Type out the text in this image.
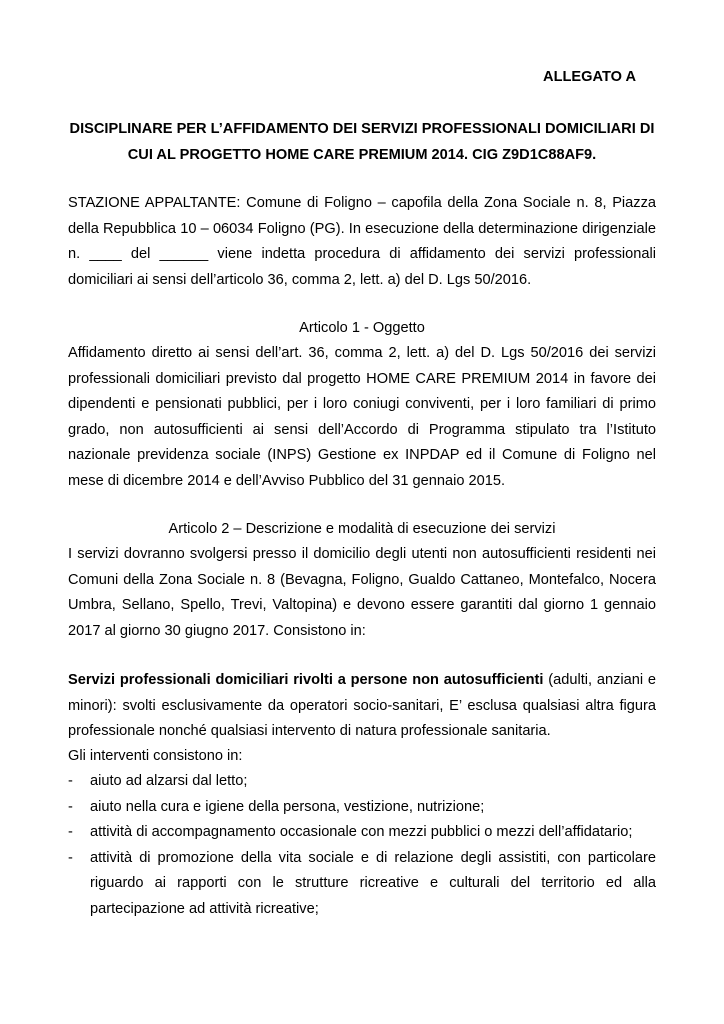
ALLEGATO A

DISCIPLINARE PER L’AFFIDAMENTO DEI SERVIZI PROFESSIONALI DOMICILIARI DI
CUI AL PROGETTO HOME CARE PREMIUM 2014. CIG Z9D1C88AF9.

STAZIONE APPALTANTE: Comune di Foligno – capofila della Zona Sociale n. 8, Piazza della Repubblica 10 – 06034 Foligno (PG). In esecuzione della determinazione dirigenziale n. ____ del ______ viene indetta procedura di affidamento dei servizi professionali domiciliari ai sensi dell’articolo 36, comma 2, lett. a) del D. Lgs 50/2016.

Articolo 1 - Oggetto

Affidamento diretto ai sensi dell’art. 36, comma 2, lett. a) del D. Lgs 50/2016 dei servizi professionali domiciliari previsto dal progetto HOME CARE PREMIUM 2014 in favore dei dipendenti e pensionati pubblici, per i loro coniugi conviventi, per i loro familiari di primo grado, non autosufficienti ai sensi dell’Accordo di Programma stipulato tra l’Istituto nazionale previdenza sociale (INPS) Gestione ex INPDAP ed il Comune di Foligno nel mese di dicembre 2014 e dell’Avviso Pubblico del 31 gennaio 2015.

Articolo 2 – Descrizione e modalità di esecuzione dei servizi

I servizi dovranno svolgersi presso il domicilio degli utenti non autosufficienti residenti nei Comuni della Zona Sociale n. 8 (Bevagna, Foligno, Gualdo Cattaneo, Montefalco, Nocera Umbra, Sellano, Spello, Trevi, Valtopina) e devono essere garantiti dal giorno 1 gennaio 2017 al giorno 30 giugno 2017. Consistono in:

Servizi professionali domiciliari rivolti a persone non autosufficienti (adulti, anziani e minori): svolti esclusivamente da operatori socio-sanitari, E’ esclusa qualsiasi altra figura professionale nonché qualsiasi intervento di natura professionale sanitaria.

Gli interventi consistono in:

- aiuto ad alzarsi dal letto;
- aiuto nella cura e igiene della persona, vestizione, nutrizione;
- attività di accompagnamento occasionale con mezzi pubblici o mezzi dell’affidatario;
- attività di promozione della vita sociale e di relazione degli assistiti, con particolare riguardo ai rapporti con le strutture ricreative e culturali del territorio ed alla partecipazione ad attività ricreative;
